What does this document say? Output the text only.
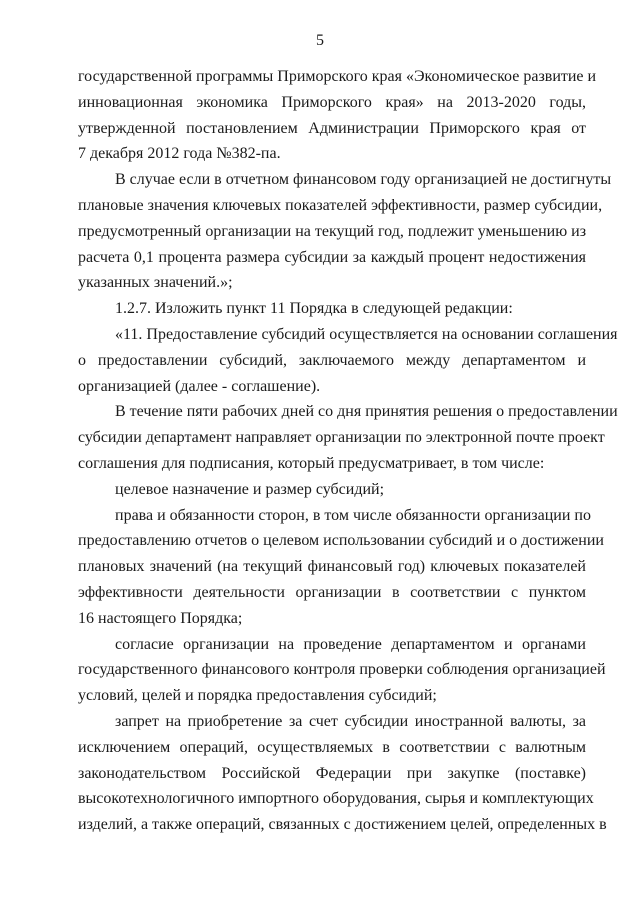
5
государственной программы Приморского края «Экономическое развитие и
инновационная экономика Приморского края» на 2013-2020 годы,
утвержденной постановлением Администрации Приморского края от
7 декабря 2012 года №382-па.
В случае если в отчетном финансовом году организацией не достигнуты
плановые значения ключевых показателей эффективности, размер субсидии,
предусмотренный организации на текущий год, подлежит уменьшению из
расчета 0,1 процента размера субсидии за каждый процент недостижения
указанных значений.»;
1.2.7. Изложить пункт 11 Порядка в следующей редакции:
«11. Предоставление субсидий осуществляется на основании соглашения
о предоставлении субсидий, заключаемого между департаментом и
организацией (далее - соглашение).
В течение пяти рабочих дней со дня принятия решения о предоставлении
субсидии департамент направляет организации по электронной почте проект
соглашения для подписания, который предусматривает, в том числе:
целевое назначение и размер субсидий;
права и обязанности сторон, в том числе обязанности организации по
предоставлению отчетов о целевом использовании субсидий и о достижении
плановых значений (на текущий финансовый год) ключевых показателей
эффективности деятельности организации в соответствии с пунктом
16 настоящего Порядка;
согласие организации на проведение департаментом и органами
государственного финансового контроля проверки соблюдения организацией
условий, целей и порядка предоставления субсидий;
запрет на приобретение за счет субсидии иностранной валюты, за
исключением операций, осуществляемых в соответствии с валютным
законодательством Российской Федерации при закупке (поставке)
высокотехнологичного импортного оборудования, сырья и комплектующих
изделий, а также операций, связанных с достижением целей, определенных в
